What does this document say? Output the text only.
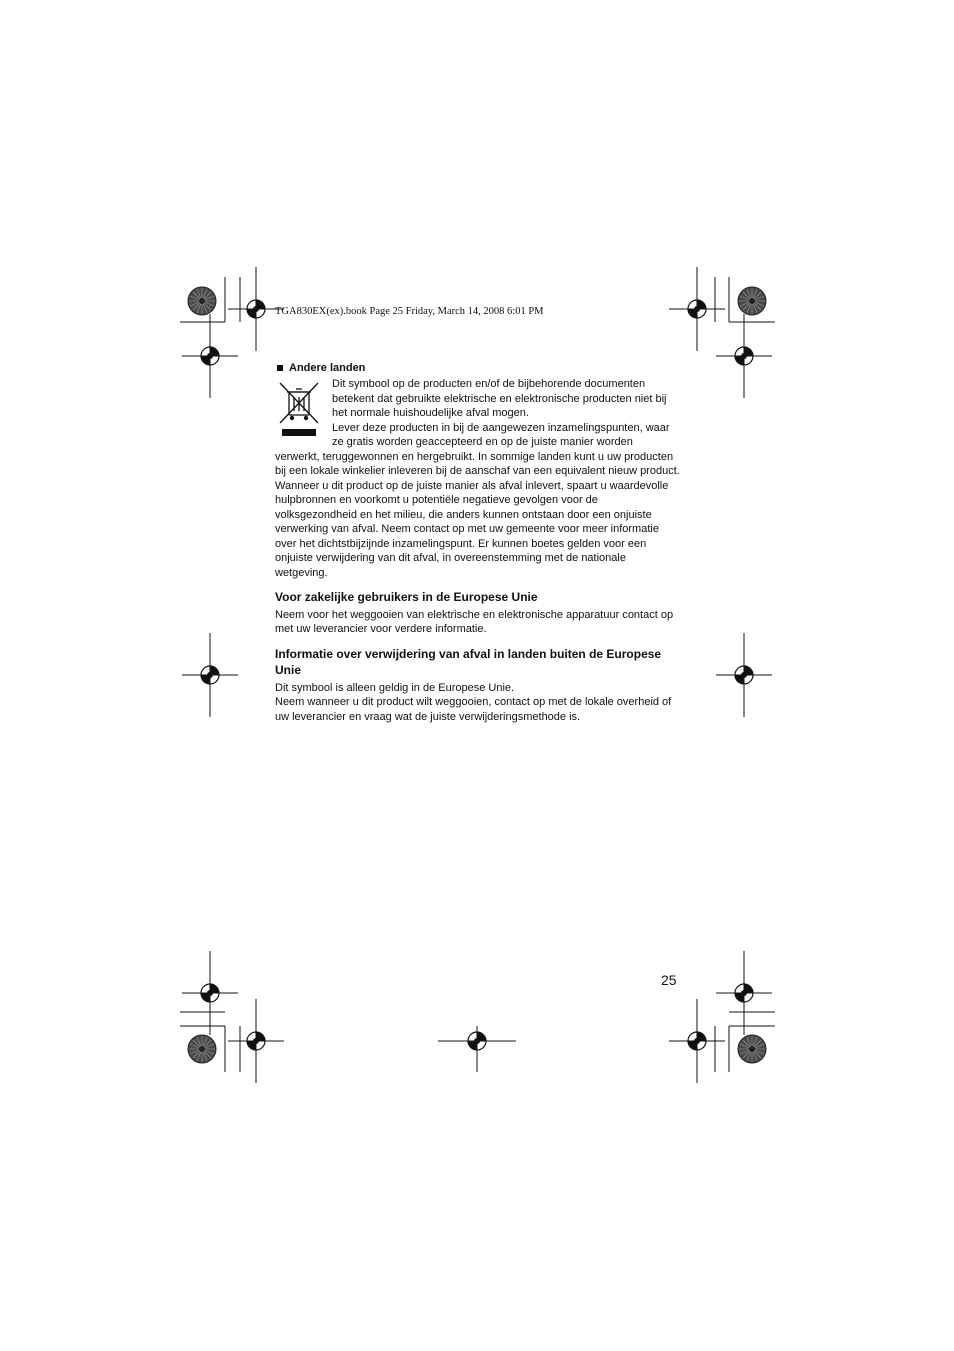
TGA830EX(ex).book Page 25 Friday, March 14, 2008 6:01 PM
Andere landen
Dit symbool op de producten en/of de bijbehorende documenten
betekent dat gebruikte elektrische en elektronische producten niet bij
het normale huishoudelijke afval mogen.
Lever deze producten in bij de aangewezen inzamelingspunten, waar
ze gratis worden geaccepteerd en op de juiste manier worden

verwerkt, teruggewonnen en hergebruikt. In sommige landen kunt u uw producten bij een lokale winkelier inleveren bij de aanschaf van een equivalent nieuw product.

Wanneer u dit product op de juiste manier als afval inlevert, spaart u waardevolle hulpbronnen en voorkomt u potentiële negatieve gevolgen voor de volksgezondheid en het milieu, die anders kunnen ontstaan door een onjuiste verwerking van afval. Neem contact op met uw gemeente voor meer informatie over het dichtstbijzijnde inzamelingspunt. Er kunnen boetes gelden voor een onjuiste verwijdering van dit afval, in overeenstemming met de nationale wetgeving.

Voor zakelijke gebruikers in de Europese Unie

Neem voor het weggooien van elektrische en elektronische apparatuur contact op met uw leverancier voor verdere informatie.

Informatie over verwijdering van afval in landen buiten de Europese Unie

Dit symbool is alleen geldig in de Europese Unie.

Neem wanneer u dit product wilt weggooien, contact op met de lokale overheid of uw leverancier en vraag wat de juiste verwijderingsmethode is.

25
